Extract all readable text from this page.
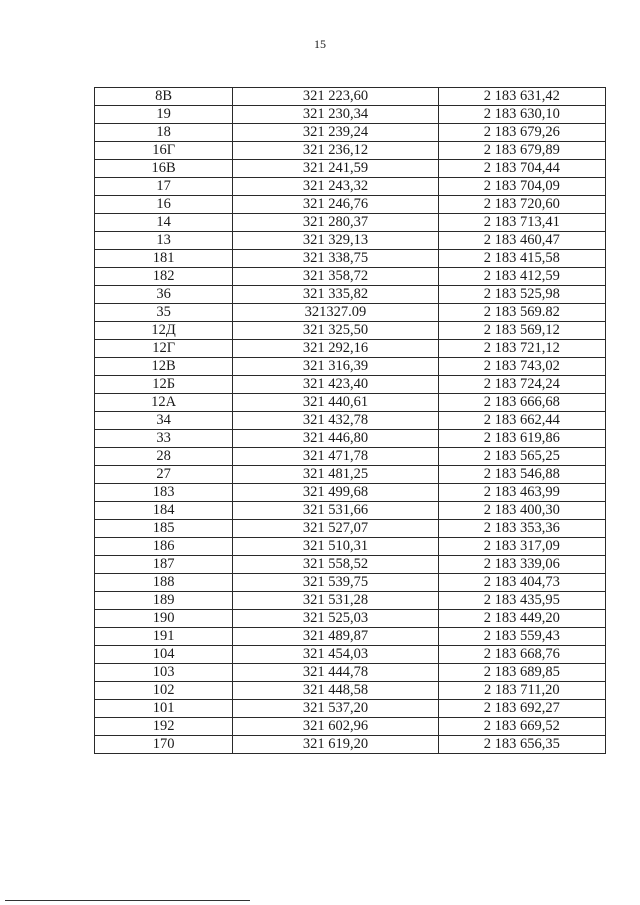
15
8В	321 223,60	2 183 631,42
19	321 230,34	2 183 630,10
18	321 239,24	2 183 679,26
16Г	321 236,12	2 183 679,89
16В	321 241,59	2 183 704,44
17	321 243,32	2 183 704,09
16	321 246,76	2 183 720,60
14	321 280,37	2 183 713,41
13	321 329,13	2 183 460,47
181	321 338,75	2 183 415,58
182	321 358,72	2 183 412,59
36	321 335,82	2 183 525,98
35	321327.09	2 183 569.82
12Д	321 325,50	2 183 569,12
12Г	321 292,16	2 183 721,12
12В	321 316,39	2 183 743,02
12Б	321 423,40	2 183 724,24
12А	321 440,61	2 183 666,68
34	321 432,78	2 183 662,44
33	321 446,80	2 183 619,86
28	321 471,78	2 183 565,25
27	321 481,25	2 183 546,88
183	321 499,68	2 183 463,99
184	321 531,66	2 183 400,30
185	321 527,07	2 183 353,36
186	321 510,31	2 183 317,09
187	321 558,52	2 183 339,06
188	321 539,75	2 183 404,73
189	321 531,28	2 183 435,95
190	321 525,03	2 183 449,20
191	321 489,87	2 183 559,43
104	321 454,03	2 183 668,76
103	321 444,78	2 183 689,85
102	321 448,58	2 183 711,20
101	321 537,20	2 183 692,27
192	321 602,96	2 183 669,52
170	321 619,20	2 183 656,35
